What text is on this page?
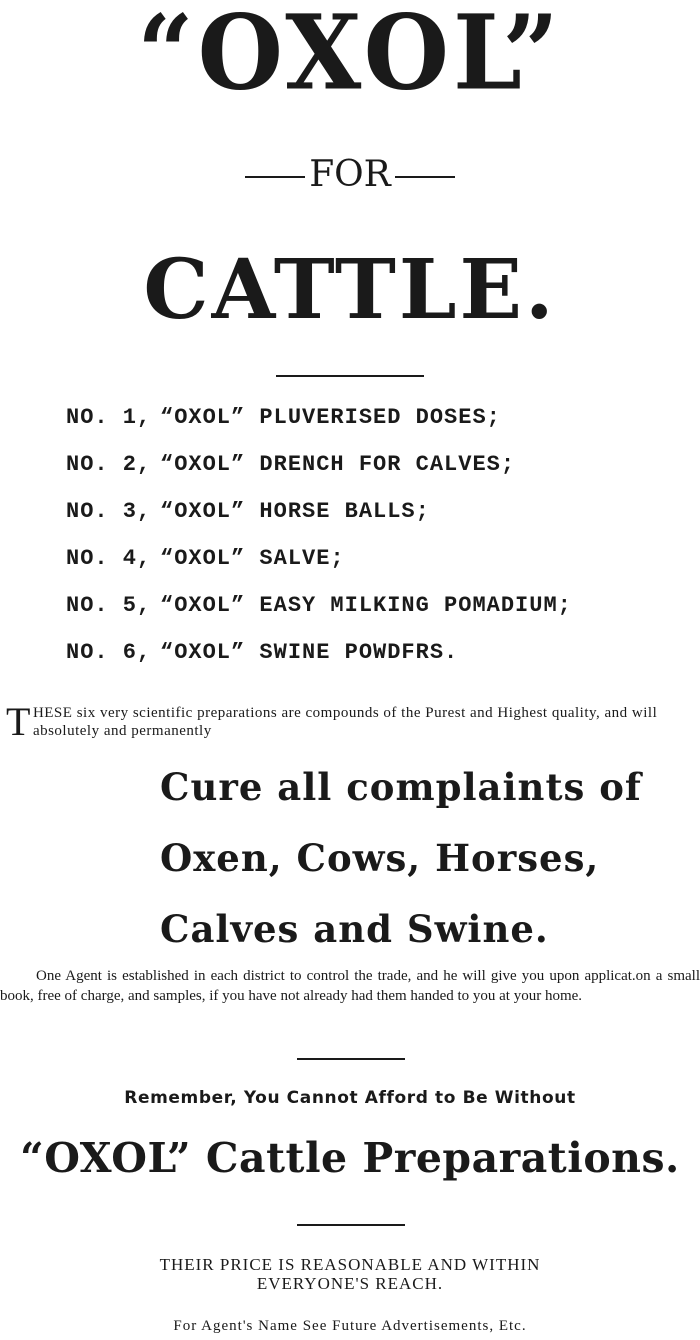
“OXOL”
FOR
CATTLE.
NO. 1, “OXOL” PLUVERISED DOSES;
NO. 2, “OXOL” DRENCH FOR CALVES;
NO. 3, “OXOL” HORSE BALLS;
NO. 4, “OXOL” SALVE;
NO. 5, “OXOL” EASY MILKING POMADIUM;
NO. 6, “OXOL” SWINE POWDFRS.
THESE six very scientific preparations are compounds of the Purest and Highest quality, and will absolutely and permanently
Cure all complaints of
Oxen, Cows, Horses,
Calves and Swine.
One Agent is established in each district to control the trade, and he will give you upon applicat.on a small book, free of charge, and samples, if you have not already had them handed to you at your home.
Remember, You Cannot Afford to Be Without
“OXOL” Cattle Preparations.
THEIR PRICE IS REASONABLE AND WITHIN
EVERYONE'S REACH.
For Agent's Name See Future Advertisements, Etc.
